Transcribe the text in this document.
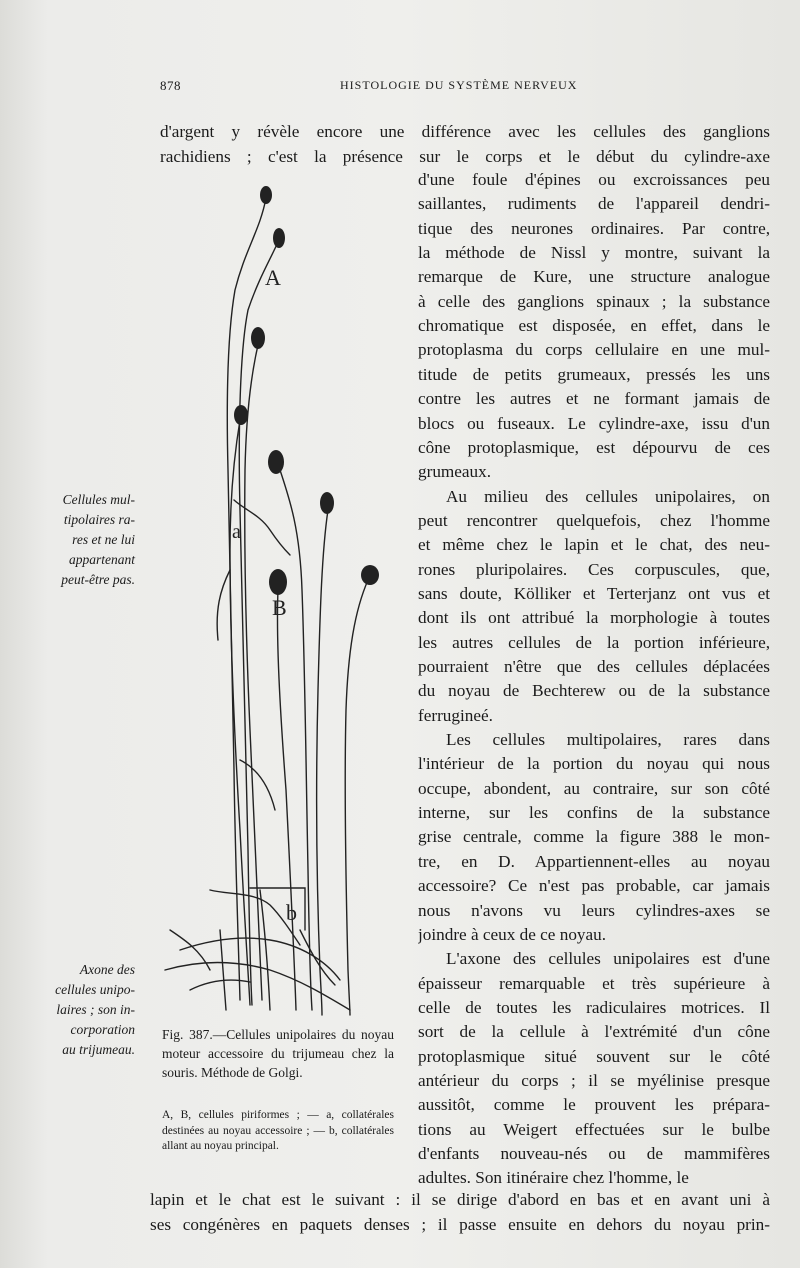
878	HISTOLOGIE DU SYSTÈME NERVEUX
d'argent y révèle encore une différence avec les cellules des ganglions
rachidiens ; c'est la présence sur le corps et le début du cylindre-axe
d'une foule d'épines ou excroissances peu
saillantes, rudiments de l'appareil dendri-
tique des neurones ordinaires. Par contre,
la méthode de Nissl y montre, suivant la
remarque de Kure, une structure analogue
à celle des ganglions spinaux ; la substance
chromatique est disposée, en effet, dans le
protoplasma du corps cellulaire en une mul-
titude de petits grumeaux, pressés les uns
contre les autres et ne formant jamais de
blocs ou fuseaux. Le cylindre-axe, issu d'un
cône protoplasmique, est dépourvu de ces
grumeaux.
Au milieu des cellules unipolaires, on
peut rencontrer quelquefois, chez l'homme
et même chez le lapin et le chat, des neu-
rones pluripolaires. Ces corpuscules, que,
sans doute, Kölliker et Terterjanz ont vus et
dont ils ont attribué la morphologie à toutes
les autres cellules de la portion inférieure,
pourraient n'être que des cellules déplacées
du noyau de Bechterew ou de la substance
ferrugineé.
Les cellules multipolaires, rares dans
l'intérieur de la portion du noyau qui nous
occupe, abondent, au contraire, sur son côté
interne, sur les confins de la substance
grise centrale, comme la figure 388 le mon-
tre, en D. Appartiennent-elles au noyau
accessoire? Ce n'est pas probable, car jamais
nous n'avons vu leurs cylindres-axes se
joindre à ceux de ce noyau.
L'axone des cellules unipolaires est d'une
épaisseur remarquable et très supérieure à
celle de toutes les radiculaires motrices. Il
sort de la cellule à l'extrémité d'un cône
protoplasmique situé souvent sur le côté
antérieur du corps ; il se myélinise presque
aussitôt, comme le prouvent les prépara-
tions au Weigert effectuées sur le bulbe
d'enfants nouveau-nés ou de mammifères
adultes. Son itinéraire chez l'homme, le
lapin et le chat est le suivant : il se dirige d'abord en bas et en avant uni à
ses congénères en paquets denses ; il passe ensuite en dehors du noyau prin-
Cellules mul-
tipolaires ra-
res et ne lui
appartenant
peut-être pas.
Axone des
cellules unipo-
laires ; son in-
corporation
au trijumeau.
A
B
a
b
Fig. 387.—Cellules unipolaires du noyau moteur accessoire du trijumeau chez la souris. Méthode de Golgi.
A, B, cellules piriformes ; — a, collatérales destinées au noyau accessoire ; — b, collatérales allant au noyau principal.
